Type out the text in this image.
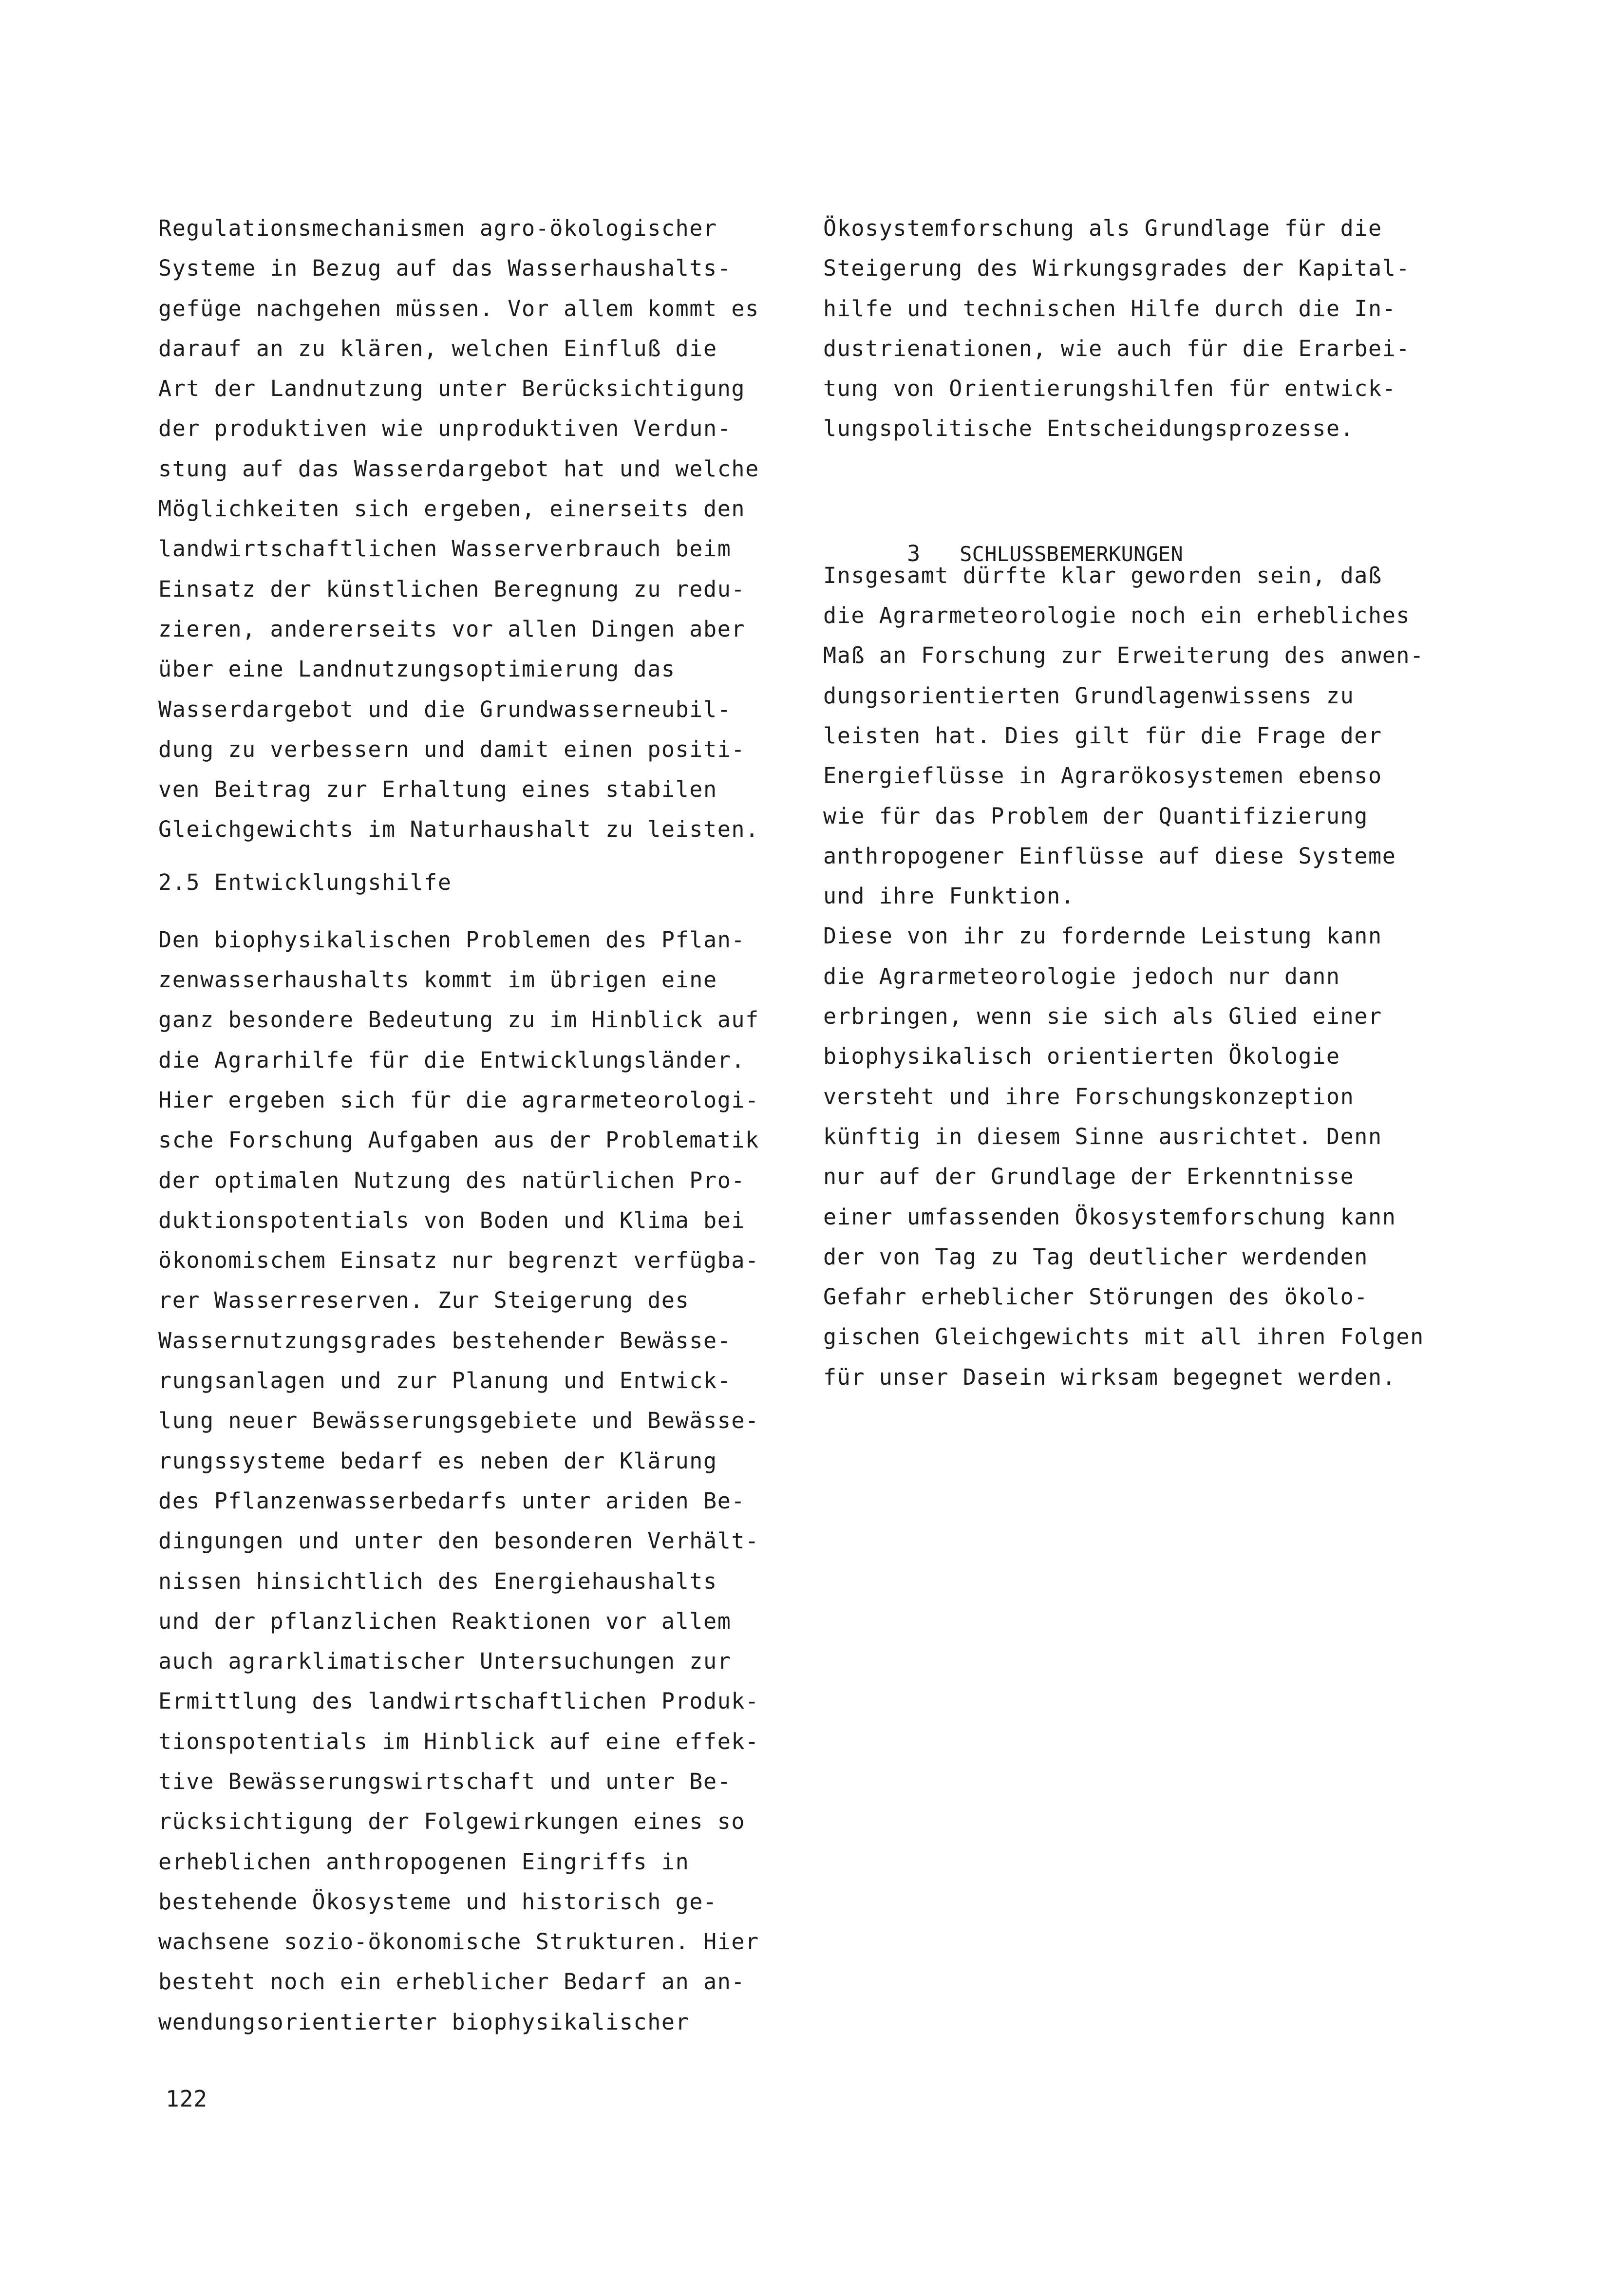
Regulationsmechanismen agro-ökologischer
Systeme in Bezug auf das Wasserhaushalts-
gefüge nachgehen müssen. Vor allem kommt es
darauf an zu klären, welchen Einfluß die
Art der Landnutzung unter Berücksichtigung
der produktiven wie unproduktiven Verdun-
stung auf das Wasserdargebot hat und welche
Möglichkeiten sich ergeben, einerseits den
landwirtschaftlichen Wasserverbrauch beim
Einsatz der künstlichen Beregnung zu redu-
zieren, andererseits vor allen Dingen aber
über eine Landnutzungsoptimierung das
Wasserdargebot und die Grundwasserneubil-
dung zu verbessern und damit einen positi-
ven Beitrag zur Erhaltung eines stabilen
Gleichgewichts im Naturhaushalt zu leisten.
2.5 Entwicklungshilfe
Den biophysikalischen Problemen des Pflan-
zenwasserhaushalts kommt im übrigen eine
ganz besondere Bedeutung zu im Hinblick auf
die Agrarhilfe für die Entwicklungsländer.
Hier ergeben sich für die agrarmeteorologi-
sche Forschung Aufgaben aus der Problematik
der optimalen Nutzung des natürlichen Pro-
duktionspotentials von Boden und Klima bei
ökonomischem Einsatz nur begrenzt verfügba-
rer Wasserreserven. Zur Steigerung des
Wassernutzungsgrades bestehender Bewässe-
rungsanlagen und zur Planung und Entwick-
lung neuer Bewässerungsgebiete und Bewässe-
rungssysteme bedarf es neben der Klärung
des Pflanzenwasserbedarfs unter ariden Be-
dingungen und unter den besonderen Verhält-
nissen hinsichtlich des Energiehaushalts
und der pflanzlichen Reaktionen vor allem
auch agrarklimatischer Untersuchungen zur
Ermittlung des landwirtschaftlichen Produk-
tionspotentials im Hinblick auf eine effek-
tive Bewässerungswirtschaft und unter Be-
rücksichtigung der Folgewirkungen eines so
erheblichen anthropogenen Eingriffs in
bestehende Ökosysteme und historisch ge-
wachsene sozio-ökonomische Strukturen. Hier
besteht noch ein erheblicher Bedarf an an-
wendungsorientierter biophysikalischer
Ökosystemforschung als Grundlage für die
Steigerung des Wirkungsgrades der Kapital-
hilfe und technischen Hilfe durch die In-
dustrienationen, wie auch für die Erarbei-
tung von Orientierungshilfen für entwick-
lungspolitische Entscheidungsprozesse.

3 SCHLUSSBEMERKUNGEN

Insgesamt dürfte klar geworden sein, daß
die Agrarmeteorologie noch ein erhebliches
Maß an Forschung zur Erweiterung des anwen-
dungsorientierten Grundlagenwissens zu
leisten hat. Dies gilt für die Frage der
Energieflüsse in Agrarökosystemen ebenso
wie für das Problem der Quantifizierung
anthropogener Einflüsse auf diese Systeme
und ihre Funktion.
Diese von ihr zu fordernde Leistung kann
die Agrarmeteorologie jedoch nur dann
erbringen, wenn sie sich als Glied einer
biophysikalisch orientierten Ökologie
versteht und ihre Forschungskonzeption
künftig in diesem Sinne ausrichtet. Denn
nur auf der Grundlage der Erkenntnisse
einer umfassenden Ökosystemforschung kann
der von Tag zu Tag deutlicher werdenden
Gefahr erheblicher Störungen des ökolo-
gischen Gleichgewichts mit all ihren Folgen
für unser Dasein wirksam begegnet werden.
122
